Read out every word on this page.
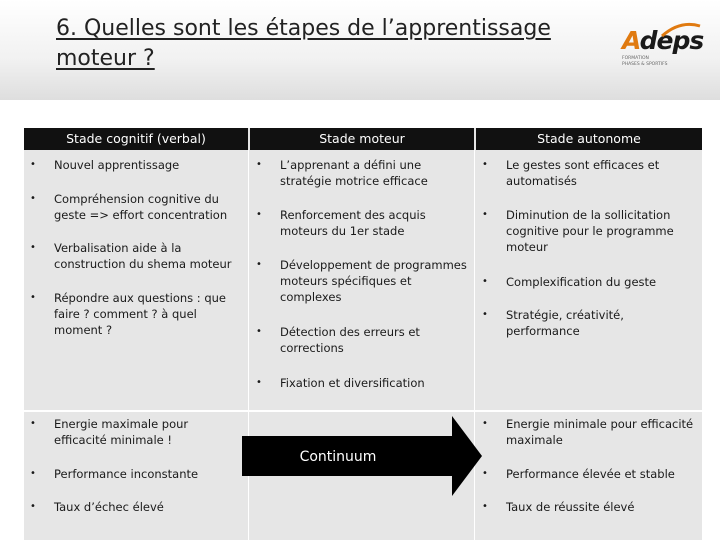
6. Quelles sont les étapes de l’apprentissage
moteur ?
Adeps
FORMATION
PHASES & SPORTIFS
Stade cognitif (verbal)	Stade moteur	Stade autonome
• Nouvel apprentissage
• Compréhension cognitive du geste => effort concentration
• Verbalisation aide à la construction du shema moteur
• Répondre aux questions : que faire ? comment ? à quel moment ?
• L’apprenant a défini une stratégie motrice efficace
• Renforcement des acquis moteurs du 1er stade
• Développement de programmes moteurs spécifiques et complexes
• Détection des erreurs et corrections
• Fixation et diversification
• Le gestes sont efficaces et automatisés
• Diminution de la sollicitation cognitive pour le programme moteur
• Complexification du geste
• Stratégie, créativité, performance
• Energie maximale pour efficacité minimale !
• Performance inconstante
• Taux d’échec élevé
• Energie minimale pour efficacité maximale
• Performance élevée et stable
• Taux de réussite élevé
Continuum
